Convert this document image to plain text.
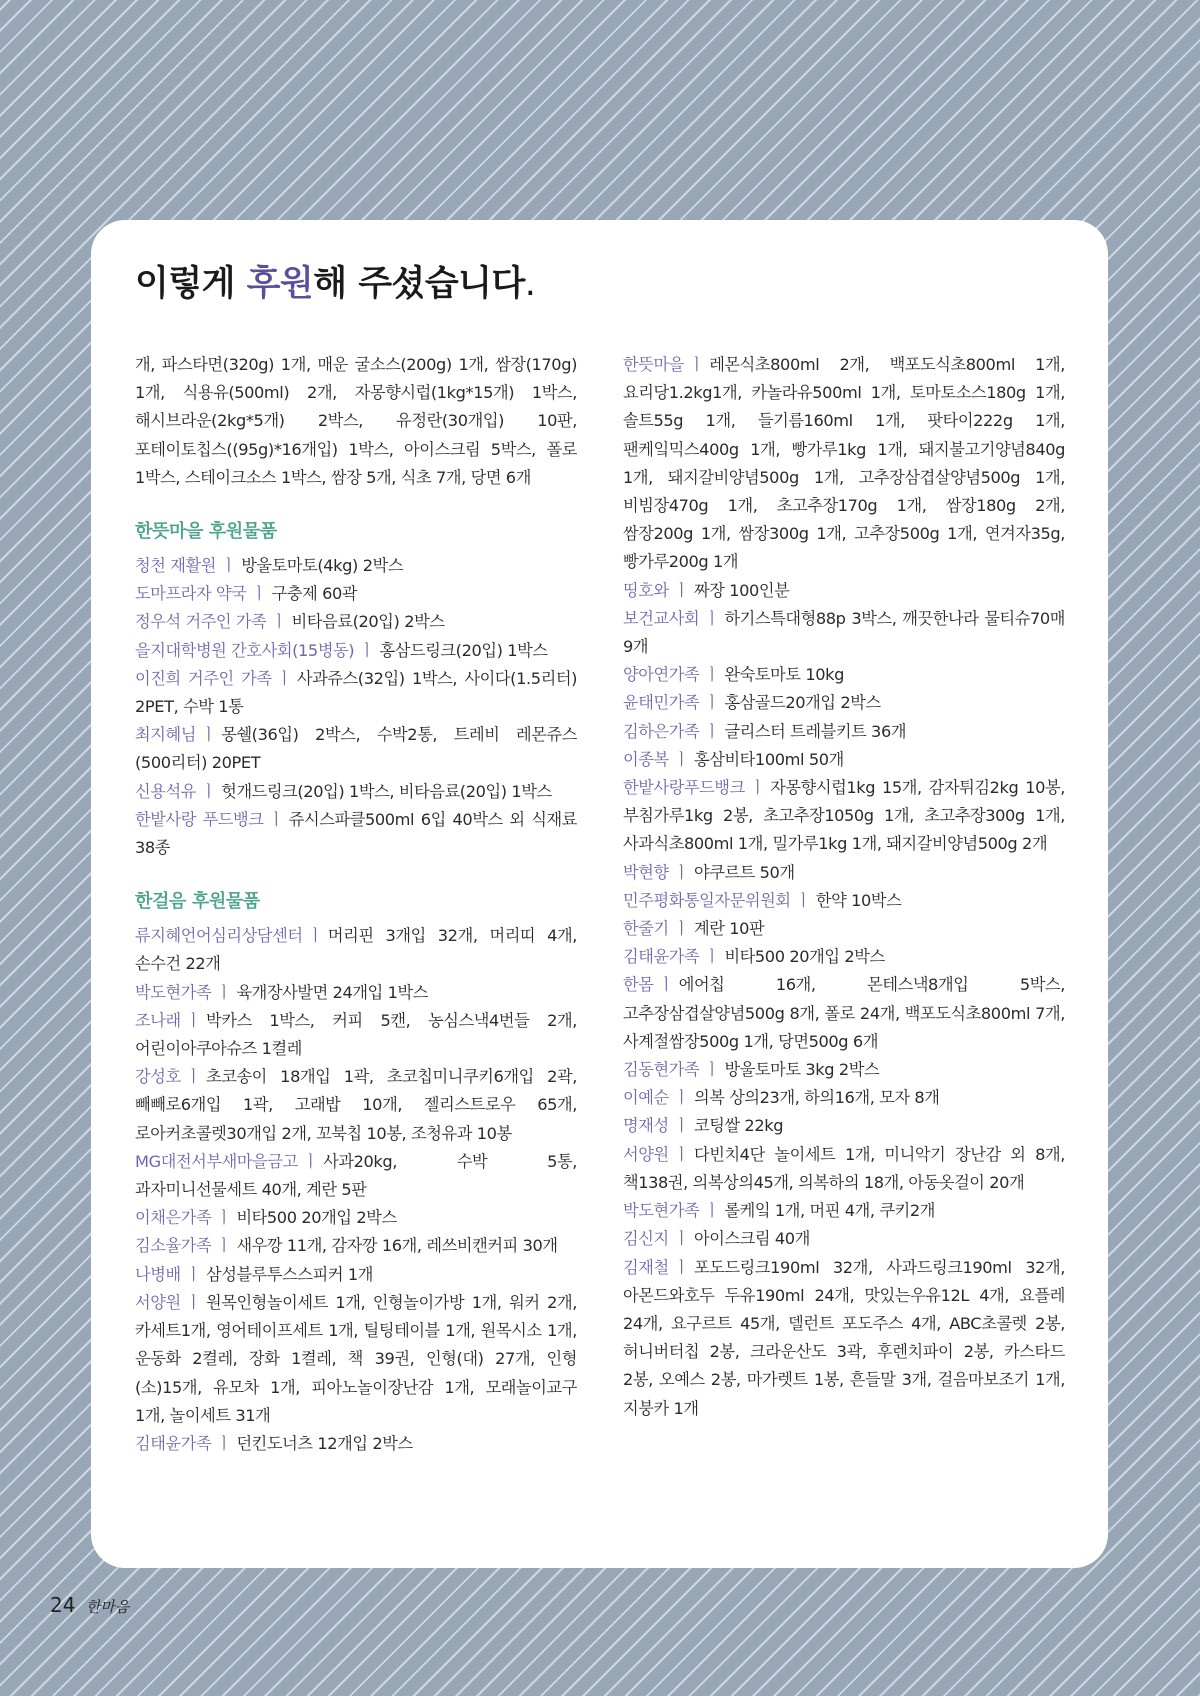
이렇게 후원해 주셨습니다.

개, 파스타면(320g) 1개, 매운 굴소스(200g) 1개, 쌈장(170g) 1개, 식용유(500ml) 2개, 자몽향시럽(1kg*15개) 1박스, 해시브라운(2kg*5개) 2박스, 유정란(30개입) 10판, 포테이토칩스((95g)*16개입) 1박스, 아이스크림 5박스, 폴로 1박스, 스테이크소스 1박스, 쌈장 5개, 식초 7개, 당면 6개

한뜻마을 후원물품

청천 재활원 ㅣ 방울토마토(4kg) 2박스

도마프라자 약국 ㅣ 구충제 60곽

정우석 거주인 가족 ㅣ 비타음료(20입) 2박스

을지대학병원 간호사회(15병동) ㅣ 홍삼드링크(20입) 1박스

이진희 거주인 가족 ㅣ 사과쥬스(32입) 1박스, 사이다(1.5리터) 2PET, 수박 1통

최지혜님 ㅣ 몽쉘(36입) 2박스, 수박2통, 트레비 레몬쥬스(500리터) 20PET

신용석유 ㅣ 헛개드링크(20입) 1박스, 비타음료(20입) 1박스

한밭사랑 푸드뱅크 ㅣ 쥬시스파클500ml 6입 40박스 외 식재료 38종

한걸음 후원물품

류지혜언어심리상담센터 ㅣ 머리핀 3개입 32개, 머리띠 4개, 손수건 22개

박도현가족 ㅣ 육개장사발면 24개입 1박스

조나래 ㅣ 박카스 1박스, 커피 5캔, 농심스낵4번들 2개, 어린이아쿠아슈즈 1켤레

강성호 ㅣ 초코송이 18개입 1곽, 초코칩미니쿠키6개입 2곽, 빼빼로6개입 1곽, 고래밥 10개, 젤리스트로우 65개, 로아커초콜렛30개입 2개, 꼬북칩 10봉, 조청유과 10봉

MG대전서부새마을금고 ㅣ 사과20kg, 수박 5통, 과자미니선물세트 40개, 계란 5판

이채은가족 ㅣ 비타500 20개입 2박스

김소율가족 ㅣ 새우깡 11개, 감자깡 16개, 레쓰비캔커피 30개

나병배 ㅣ 삼성블루투스스피커 1개

서양원 ㅣ 원목인형놀이세트 1개, 인형놀이가방 1개, 워커 2개, 카세트1개, 영어테이프세트 1개, 틸팅테이블 1개, 원목시소 1개, 운동화 2켤레, 장화 1켤레, 책 39권, 인형(대) 27개, 인형(소)15개, 유모차 1개, 피아노놀이장난감 1개, 모래놀이교구 1개, 놀이세트 31개

김태윤가족 ㅣ 던킨도너츠 12개입 2박스

한뜻마을 ㅣ 레몬식초800ml 2개, 백포도식초800ml 1개, 요리당1.2kg1개, 카놀라유500ml 1개, 토마토소스180g 1개, 솔트55g 1개, 들기름160ml 1개, 팟타이222g 1개, 팬케잌믹스400g 1개, 빵가루1kg 1개, 돼지불고기양념840g 1개, 돼지갈비양념500g 1개, 고추장삼겹살양념500g 1개, 비빔장470g 1개, 초고추장170g 1개, 쌈장180g 2개, 쌈장200g 1개, 쌈장300g 1개, 고추장500g 1개, 연겨자35g, 빵가루200g 1개

띵호와 ㅣ 짜장 100인분

보건교사회 ㅣ 하기스특대형88p 3박스, 깨끗한나라 물티슈70매 9개

양아연가족 ㅣ 완숙토마토 10kg

윤태민가족 ㅣ 홍삼골드20개입 2박스

김하은가족 ㅣ 글리스터 트레블키트 36개

이종복 ㅣ 홍삼비타100ml 50개

한밭사랑푸드뱅크 ㅣ 자몽향시럽1kg 15개, 감자튀김2kg 10봉, 부침가루1kg 2봉, 초고추장1050g 1개, 초고추장300g 1개, 사과식초800ml 1개, 밀가루1kg 1개, 돼지갈비양념500g 2개

박현향 ㅣ 야쿠르트 50개

민주평화통일자문위원회 ㅣ 한약 10박스

한줄기 ㅣ 계란 10판

김태윤가족 ㅣ 비타500 20개입 2박스

한몸 ㅣ 에어칩 16개, 몬테스낵8개입 5박스, 고추장삼겹살양념500g 8개, 폴로 24개, 백포도식초800ml 7개, 사계절쌈장500g 1개, 당면500g 6개

김동현가족 ㅣ 방울토마토 3kg 2박스

이예순 ㅣ 의복 상의23개, 하의16개, 모자 8개

명재성 ㅣ 코팅쌀 22kg

서양원 ㅣ 다빈치4단 놀이세트 1개, 미니악기 장난감 외 8개, 책138권, 의복상의45개, 의복하의 18개, 아동옷걸이 20개

박도현가족 ㅣ 롤케잌 1개, 머핀 4개, 쿠키2개

김신지 ㅣ 아이스크림 40개

김재철 ㅣ 포도드링크190ml 32개, 사과드링크190ml 32개, 아몬드와호두 두유190ml 24개, 맛있는우유12L 4개, 요플레 24개, 요구르트 45개, 델런트 포도주스 4개, ABC초콜렛 2봉, 허니버터칩 2봉, 크라운산도 3곽, 후렌치파이 2봉, 카스타드 2봉, 오예스 2봉, 마가렛트 1봉, 흔들말 3개, 걸음마보조기 1개, 지붕카 1개

24 한마음
